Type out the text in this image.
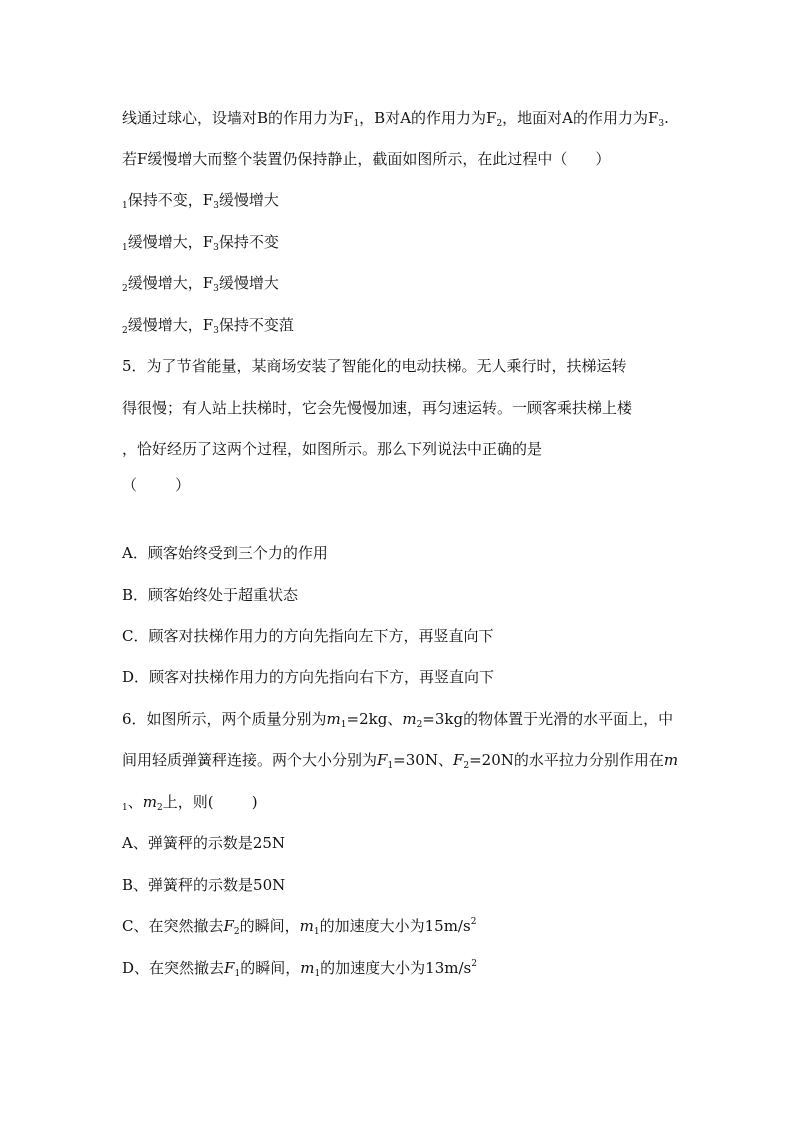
线通过球心，设墙对B的作用力为$F_1$，B对A的作用力为$F_2$，地面对A的作用力为$F_3$.
若F缓慢增大而整个装置仍保持静止，截面如图所示，在此过程中（ ）
$_1$保持不变，$F_3$缓慢增大
$_1$缓慢增大，$F_3$保持不变
$_2$缓慢增大，$F_3$缓慢增大
$_2$缓慢增大，$F_3$保持不变菹
5．为了节省能量，某商场安装了智能化的电动扶梯。无人乘行时，扶梯运转
得很慢；有人站上扶梯时，它会先慢慢加速，再匀速运转。一顾客乘扶梯上楼
，恰好经历了这两个过程，如图所示。那么下列说法中正确的是
（        ）
A．顾客始终受到三个力的作用
B．顾客始终处于超重状态
C．顾客对扶梯作用力的方向先指向左下方，再竖直向下
D．顾客对扶梯作用力的方向先指向右下方，再竖直向下
6．如图所示，两个质量分别为$m_1=2kg$、$m_2=3kg$的物体置于光滑的水平面上，中
间用轻质弹簧秤连接。两个大小分别为$F_1=30N$、$F_2=20N$的水平拉力分别作用在m
$_1$、$m_2$上，则(        )
A、弹簧秤的示数是25N
B、弹簧秤的示数是50N
C、在突然撤去$F_2$的瞬间，$m_1$的加速度大小为$15m/s^2$
D、在突然撤去$F_1$的瞬间，$m_1$的加速度大小为$13m/s^2$
